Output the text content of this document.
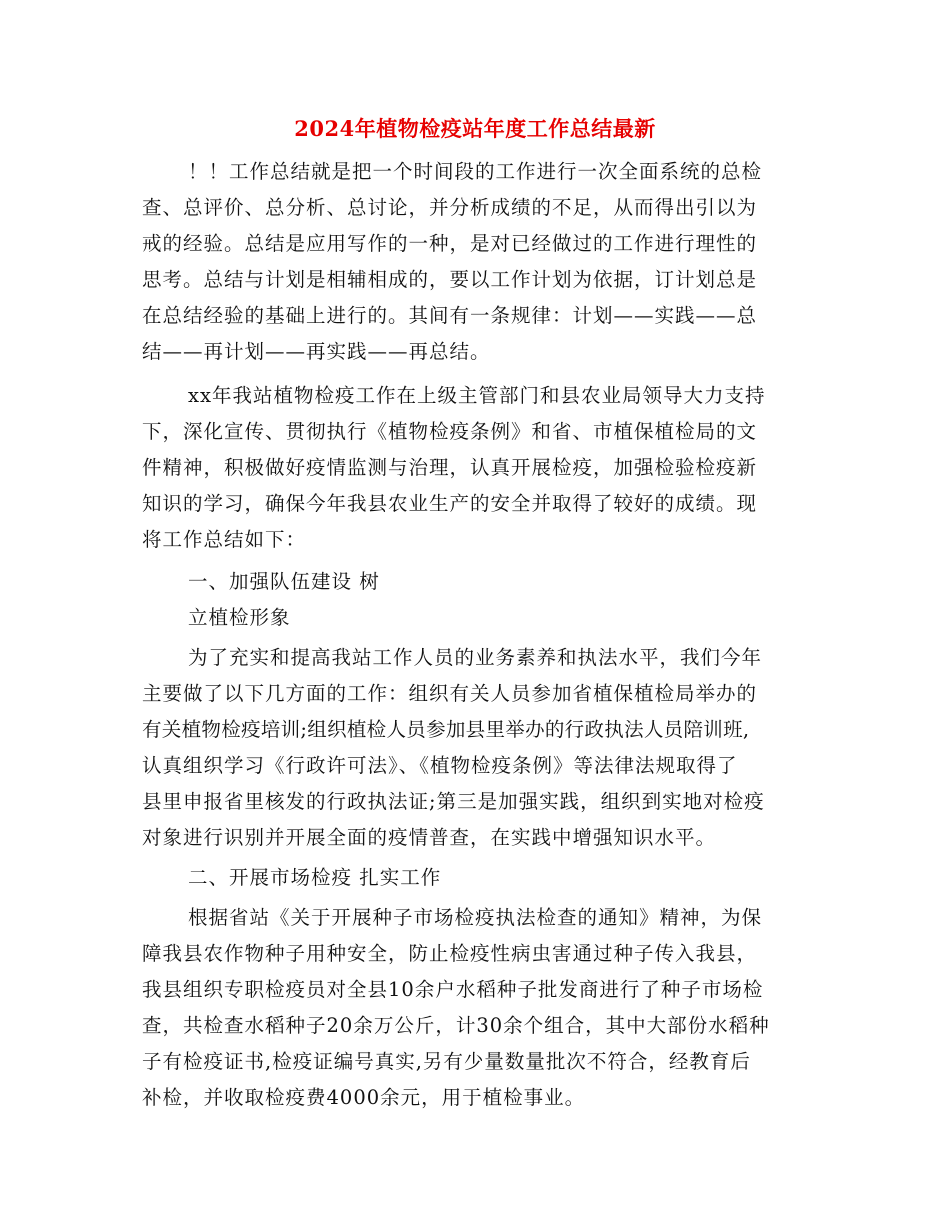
2024年植物检疫站年度工作总结最新
！！工作总结就是把一个时间段的工作进行一次全面系统的总检
查、总评价、总分析、总讨论，并分析成绩的不足，从而得出引以为
戒的经验。总结是应用写作的一种，是对已经做过的工作进行理性的
思考。总结与计划是相辅相成的，要以工作计划为依据，订计划总是
在总结经验的基础上进行的。其间有一条规律：计划——实践——总
结——再计划——再实践——再总结。
xx年我站植物检疫工作在上级主管部门和县农业局领导大力支持
下，深化宣传、贯彻执行《植物检疫条例》和省、市植保植检局的文
件精神，积极做好疫情监测与治理，认真开展检疫，加强检验检疫新
知识的学习，确保今年我县农业生产的安全并取得了较好的成绩。现
将工作总结如下：
一、加强队伍建设 树
立植检形象
为了充实和提高我站工作人员的业务素养和执法水平，我们今年
主要做了以下几方面的工作：组织有关人员参加省植保植检局举办的
有关植物检疫培训;组织植检人员参加县里举办的行政执法人员陪训班,
认真组织学习《行政许可法》、《植物检疫条例》等法律法规取得了
县里申报省里核发的行政执法证;第三是加强实践，组织到实地对检疫
对象进行识别并开展全面的疫情普查，在实践中增强知识水平。
二、开展市场检疫 扎实工作
根据省站《关于开展种子市场检疫执法检查的通知》精神，为保
障我县农作物种子用种安全，防止检疫性病虫害通过种子传入我县，
我县组织专职检疫员对全县10余户水稻种子批发商进行了种子市场检
查，共检查水稻种子20余万公斤，计30余个组合，其中大部份水稻种
子有检疫证书,检疫证编号真实,另有少量数量批次不符合，经教育后
补检，并收取检疫费4000余元，用于植检事业。
